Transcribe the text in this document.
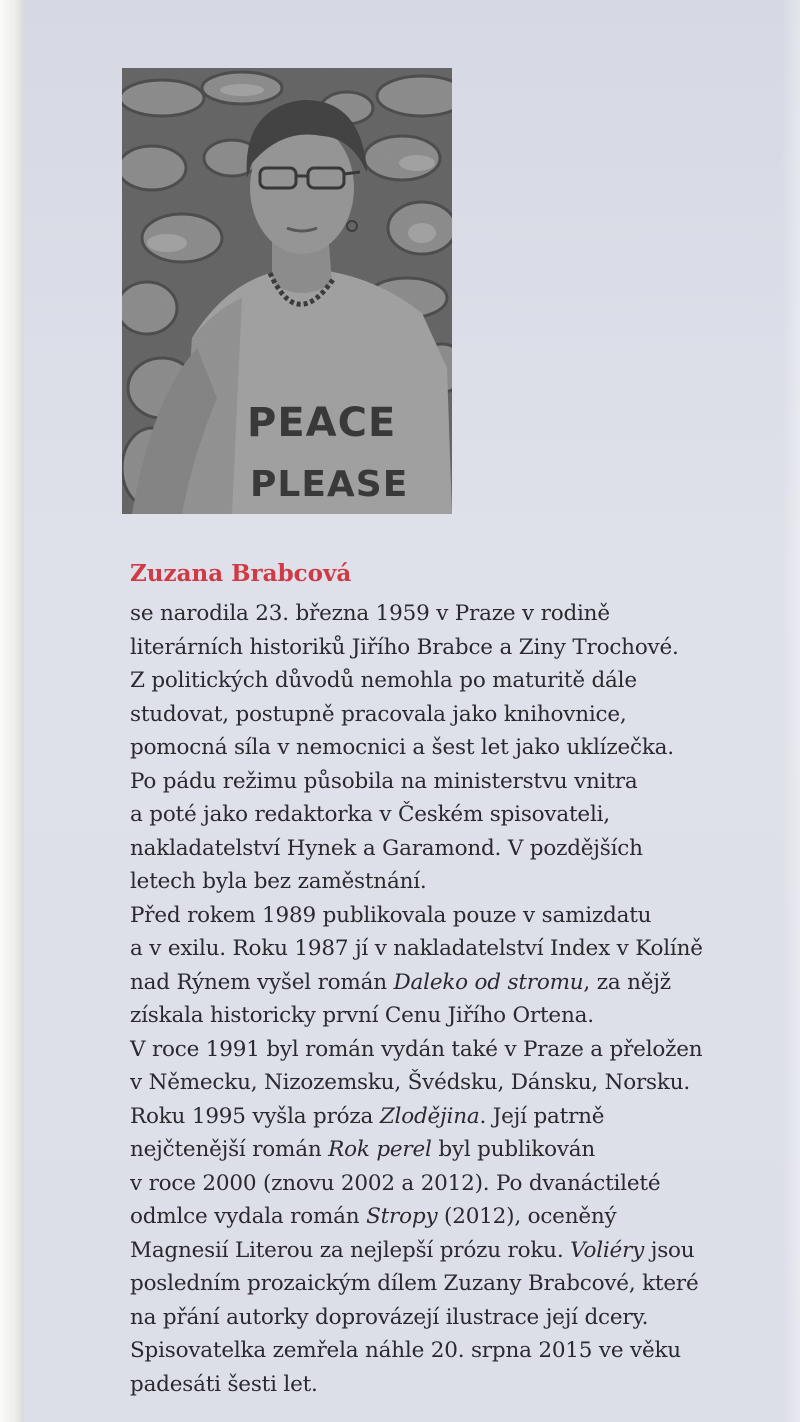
PEACE
PLEASE
Zuzana Brabcová
se narodila 23. března 1959 v Praze v rodině
literárních historiků Jiřího Brabce a Ziny Trochové.
Z politických důvodů nemohla po maturitě dále
studovat, postupně pracovala jako knihovnice,
pomocná síla v nemocnici a šest let jako uklízečka.
Po pádu režimu působila na ministerstvu vnitra
a poté jako redaktorka v Českém spisovateli,
nakladatelství Hynek a Garamond. V pozdějších
letech byla bez zaměstnání.
Před rokem 1989 publikovala pouze v samizdatu
a v exilu. Roku 1987 jí v nakladatelství Index v Kolíně
nad Rýnem vyšel román Daleko od stromu, za nějž
získala historicky první Cenu Jiřího Ortena.
V roce 1991 byl román vydán také v Praze a přeložen
v Německu, Nizozemsku, Švédsku, Dánsku, Norsku.
Roku 1995 vyšla próza Zlodějina. Její patrně
nejčtenější román Rok perel byl publikován
v roce 2000 (znovu 2002 a 2012). Po dvanáctileté
odmlce vydala román Stropy (2012), oceněný
Magnesií Literou za nejlepší prózu roku. Voliéry jsou
posledním prozaickým dílem Zuzany Brabcové, které
na přání autorky doprovázejí ilustrace její dcery.
Spisovatelka zemřela náhle 20. srpna 2015 ve věku
padesáti šesti let.
